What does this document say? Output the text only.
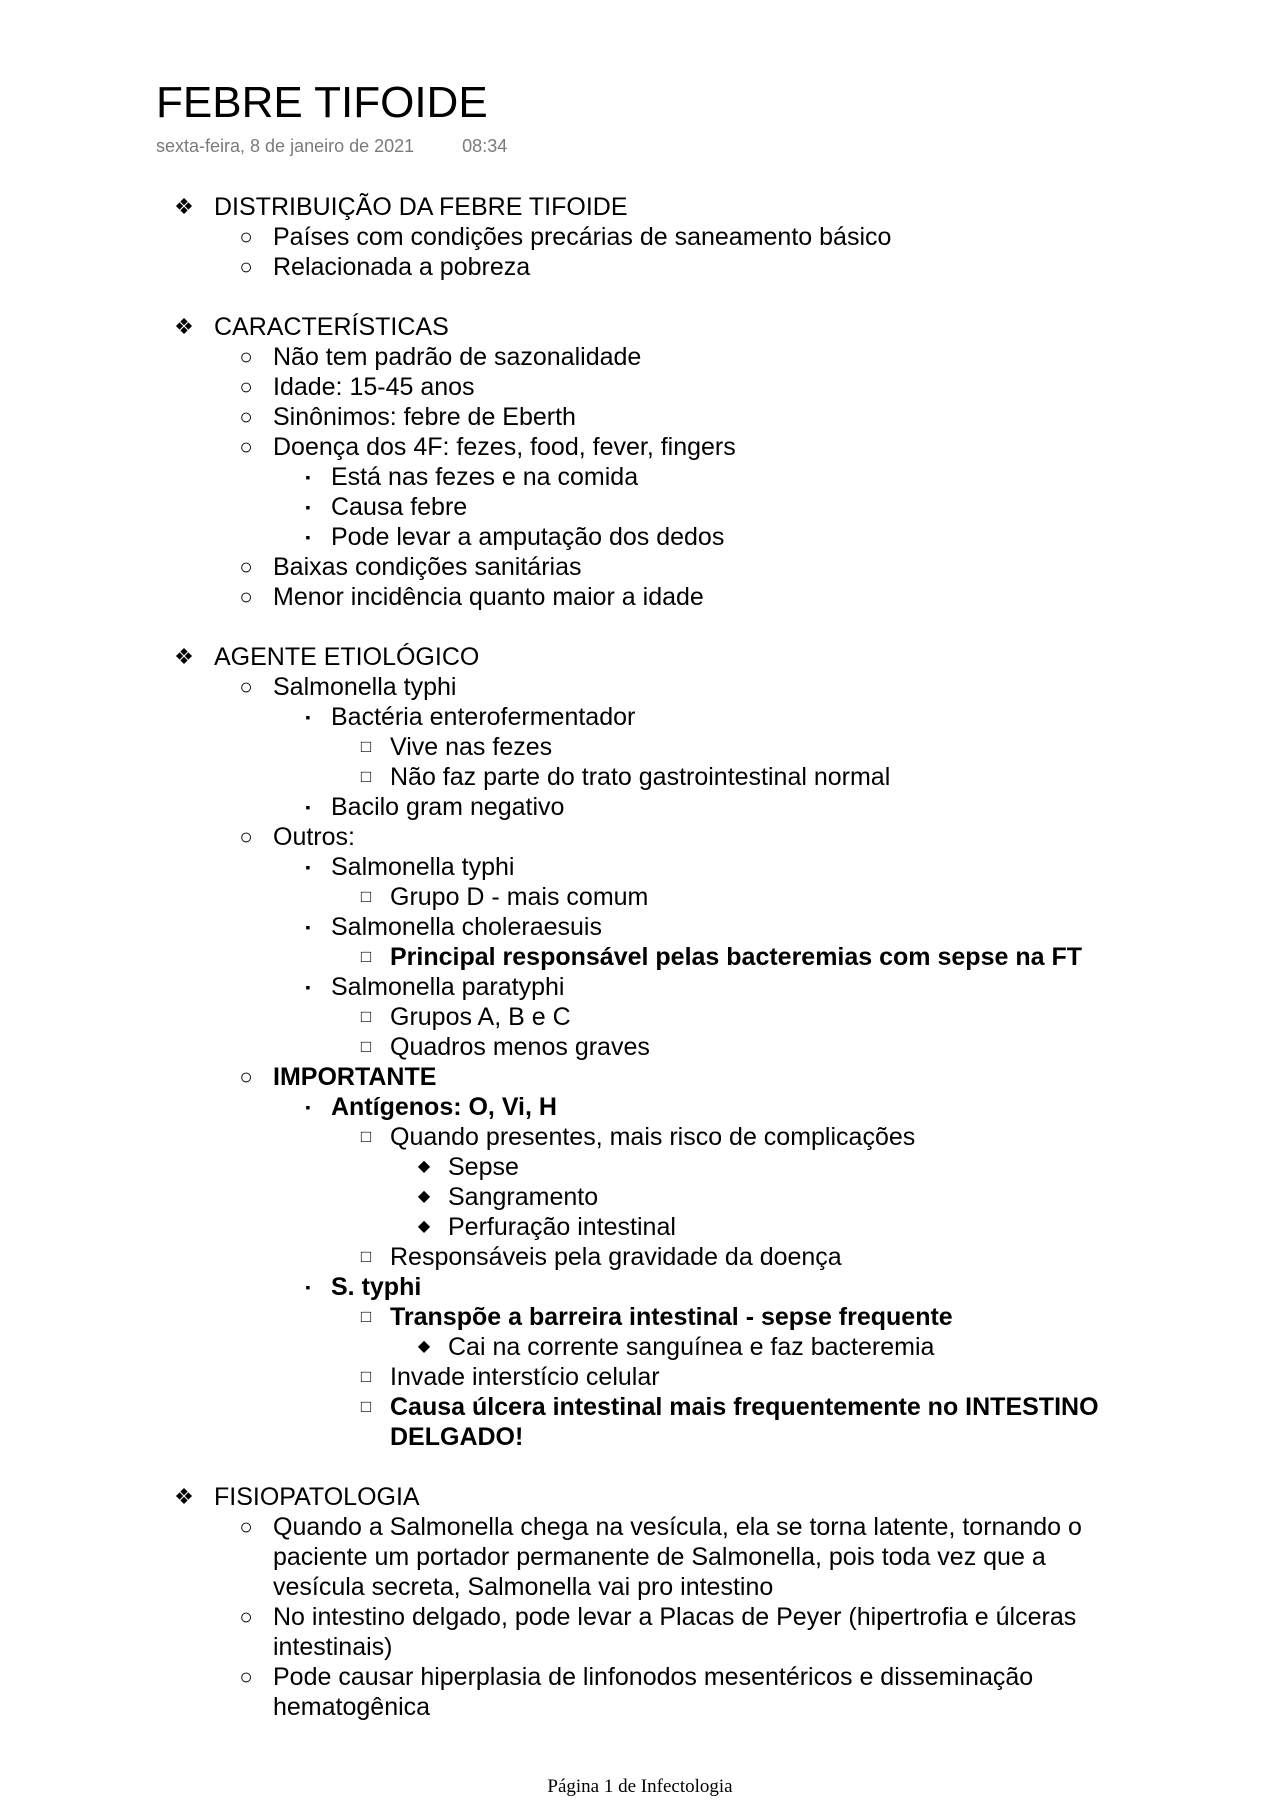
FEBRE TIFOIDE
sexta-feira, 8 de janeiro de 2021	08:34
❖ DISTRIBUIÇÃO DA FEBRE TIFOIDE
○ Países com condições precárias de saneamento básico
○ Relacionada a pobreza
❖ CARACTERÍSTICAS
○ Não tem padrão de sazonalidade
○ Idade: 15-45 anos
○ Sinônimos: febre de Eberth
○ Doença dos 4F: fezes, food, fever, fingers
▪ Está nas fezes e na comida
▪ Causa febre
▪ Pode levar a amputação dos dedos
○ Baixas condições sanitárias
○ Menor incidência quanto maior a idade
❖ AGENTE ETIOLÓGICO
○ Salmonella typhi
▪ Bactéria enterofermentador
□ Vive nas fezes
□ Não faz parte do trato gastrointestinal normal
▪ Bacilo gram negativo
○ Outros:
▪ Salmonella typhi
□ Grupo D - mais comum
▪ Salmonella choleraesuis
□ Principal responsável pelas bacteremias com sepse na FT
▪ Salmonella paratyphi
□ Grupos A, B e C
□ Quadros menos graves
○ IMPORTANTE
▪ Antígenos: O, Vi, H
□ Quando presentes, mais risco de complicações
◆ Sepse
◆ Sangramento
◆ Perfuração intestinal
□ Responsáveis pela gravidade da doença
▪ S. typhi
□ Transpõe a barreira intestinal - sepse frequente
◆ Cai na corrente sanguínea e faz bacteremia
□ Invade interstício celular
□ Causa úlcera intestinal mais frequentemente no INTESTINO
DELGADO!
❖ FISIOPATOLOGIA
○ Quando a Salmonella chega na vesícula, ela se torna latente, tornando o
paciente um portador permanente de Salmonella, pois toda vez que a
vesícula secreta, Salmonella vai pro intestino
○ No intestino delgado, pode levar a Placas de Peyer (hipertrofia e úlceras
intestinais)
○ Pode causar hiperplasia de linfonodos mesentéricos e disseminação
hematogênica
Página 1 de Infectologia
